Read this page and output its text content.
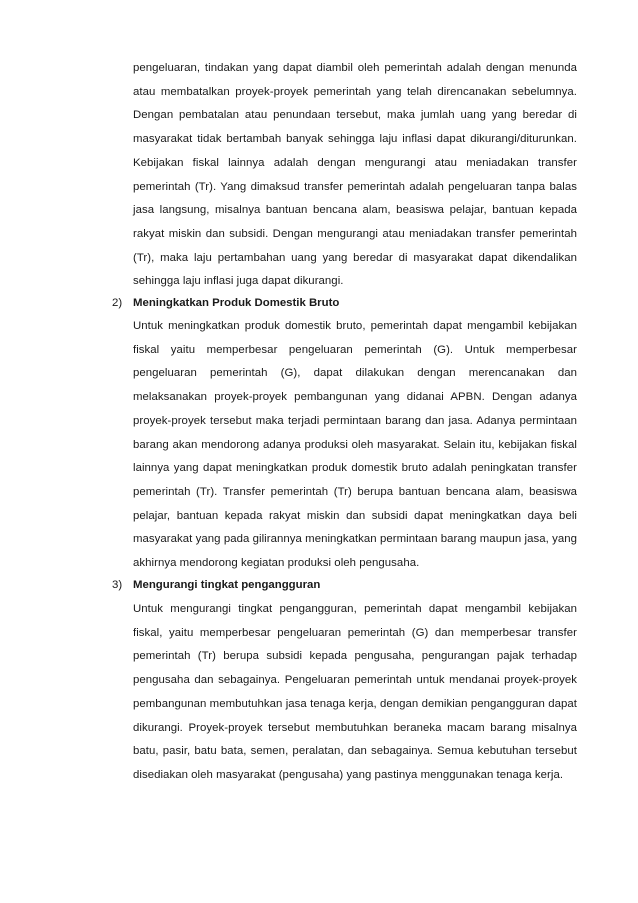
pengeluaran, tindakan yang dapat diambil oleh pemerintah adalah dengan menunda atau membatalkan proyek-proyek pemerintah yang telah direncanakan sebelumnya. Dengan pembatalan atau penundaan tersebut, maka jumlah uang yang beredar di masyarakat tidak bertambah banyak sehingga laju inflasi dapat dikurangi/diturunkan. Kebijakan fiskal lainnya adalah dengan mengurangi atau meniadakan transfer pemerintah (Tr). Yang dimaksud transfer pemerintah adalah pengeluaran tanpa balas jasa langsung, misalnya bantuan bencana alam, beasiswa pelajar, bantuan kepada rakyat miskin dan subsidi. Dengan mengurangi atau meniadakan transfer pemerintah (Tr), maka laju pertambahan uang yang beredar di masyarakat dapat dikendalikan sehingga laju inflasi juga dapat dikurangi.

2) Meningkatkan Produk Domestik Bruto

Untuk meningkatkan produk domestik bruto, pemerintah dapat mengambil kebijakan fiskal yaitu memperbesar pengeluaran pemerintah (G). Untuk memperbesar pengeluaran pemerintah (G), dapat dilakukan dengan merencanakan dan melaksanakan proyek-proyek pembangunan yang didanai APBN. Dengan adanya proyek-proyek tersebut maka terjadi permintaan barang dan jasa. Adanya permintaan barang akan mendorong adanya produksi oleh masyarakat. Selain itu, kebijakan fiskal lainnya yang dapat meningkatkan produk domestik bruto adalah peningkatan transfer pemerintah (Tr). Transfer pemerintah (Tr) berupa bantuan bencana alam, beasiswa pelajar, bantuan kepada rakyat miskin dan subsidi dapat meningkatkan daya beli masyarakat yang pada gilirannya meningkatkan permintaan barang maupun jasa, yang akhirnya mendorong kegiatan produksi oleh pengusaha.

3) Mengurangi tingkat pengangguran

Untuk mengurangi tingkat pengangguran, pemerintah dapat mengambil kebijakan fiskal, yaitu memperbesar pengeluaran pemerintah (G) dan memperbesar transfer pemerintah (Tr) berupa subsidi kepada pengusaha, pengurangan pajak terhadap pengusaha dan sebagainya. Pengeluaran pemerintah untuk mendanai proyek-proyek pembangunan membutuhkan jasa tenaga kerja, dengan demikian pengangguran dapat dikurangi. Proyek-proyek tersebut membutuhkan beraneka macam barang misalnya batu, pasir, batu bata, semen, peralatan, dan sebagainya. Semua kebutuhan tersebut disediakan oleh masyarakat (pengusaha) yang pastinya menggunakan tenaga kerja.
